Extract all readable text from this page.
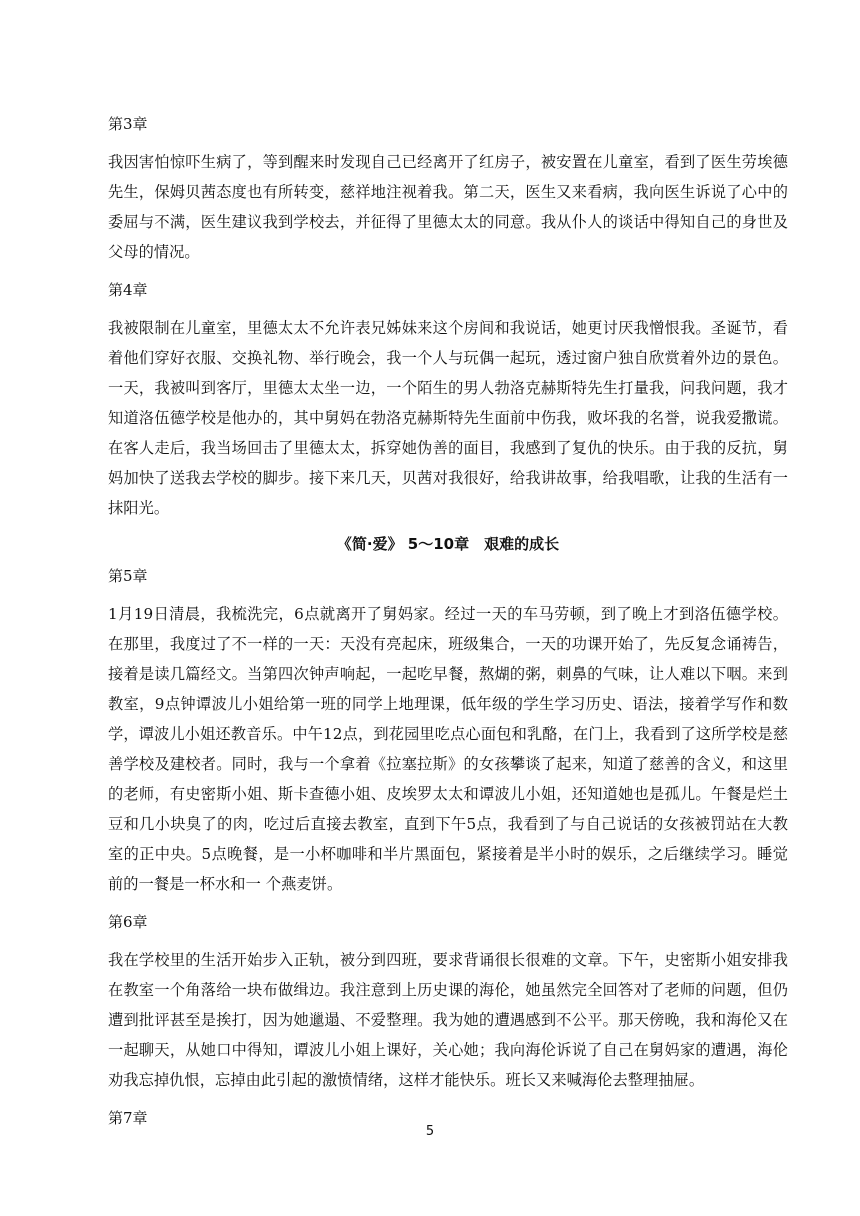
第3章

我因害怕惊吓生病了，等到醒来时发现自己已经离开了红房子，被安置在儿童室，看到了医生劳埃德先生，保姆贝茜态度也有所转变，慈祥地注视着我。第二天，医生又来看病，我向医生诉说了心中的委屈与不满，医生建议我到学校去，并征得了里德太太的同意。我从仆人的谈话中得知自己的身世及父母的情况。

第4章

我被限制在儿童室，里德太太不允许表兄姊妹来这个房间和我说话，她更讨厌我憎恨我。圣诞节，看着他们穿好衣服、交换礼物、举行晚会，我一个人与玩偶一起玩，透过窗户独自欣赏着外边的景色。一天，我被叫到客厅，里德太太坐一边，一个陌生的男人勃洛克赫斯特先生打量我，问我问题，我才知道洛伍德学校是他办的，其中舅妈在勃洛克赫斯特先生面前中伤我，败坏我的名誉，说我爱撒谎。在客人走后，我当场回击了里德太太，拆穿她伪善的面目，我感到了复仇的快乐。由于我的反抗，舅妈加快了送我去学校的脚步。接下来几天，贝茜对我很好，给我讲故事，给我唱歌，让我的生活有一抹阳光。

《简·爱》 5～10章　艰难的成长
第5章

1月19日清晨，我梳洗完，6点就离开了舅妈家。经过一天的车马劳顿，到了晚上才到洛伍德学校。在那里，我度过了不一样的一天：天没有亮起床，班级集合，一天的功课开始了，先反复念诵祷告，接着是读几篇经文。当第四次钟声响起，一起吃早餐，熬煳的粥，刺鼻的气味，让人难以下咽。来到教室，9点钟谭波儿小姐给第一班的同学上地理课，低年级的学生学习历史、语法，接着学写作和数学，谭波儿小姐还教音乐。中午12点，到花园里吃点心面包和乳酪，在门上，我看到了这所学校是慈善学校及建校者。同时，我与一个拿着《拉塞拉斯》的女孩攀谈了起来，知道了慈善的含义，和这里的老师，有史密斯小姐、斯卡查德小姐、皮埃罗太太和谭波儿小姐，还知道她也是孤儿。午餐是烂土豆和几小块臭了的肉，吃过后直接去教室，直到下午5点，我看到了与自己说话的女孩被罚站在大教室的正中央。5点晚餐，是一小杯咖啡和半片黑面包，紧接着是半小时的娱乐，之后继续学习。睡觉前的一餐是一杯水和一 个燕麦饼。

第6章

我在学校里的生活开始步入正轨，被分到四班，要求背诵很长很难的文章。下午，史密斯小姐安排我在教室一个角落给一块布做缉边。我注意到上历史课的海伦，她虽然完全回答对了老师的问题，但仍遭到批评甚至是挨打，因为她邋遢、不爱整理。我为她的遭遇感到不公平。那天傍晚，我和海伦又在一起聊天，从她口中得知，谭波儿小姐上课好，关心她；我向海伦诉说了自己在舅妈家的遭遇，海伦劝我忘掉仇恨，忘掉由此引起的激愤情绪，这样才能快乐。班长又来喊海伦去整理抽屉。

第7章
5
